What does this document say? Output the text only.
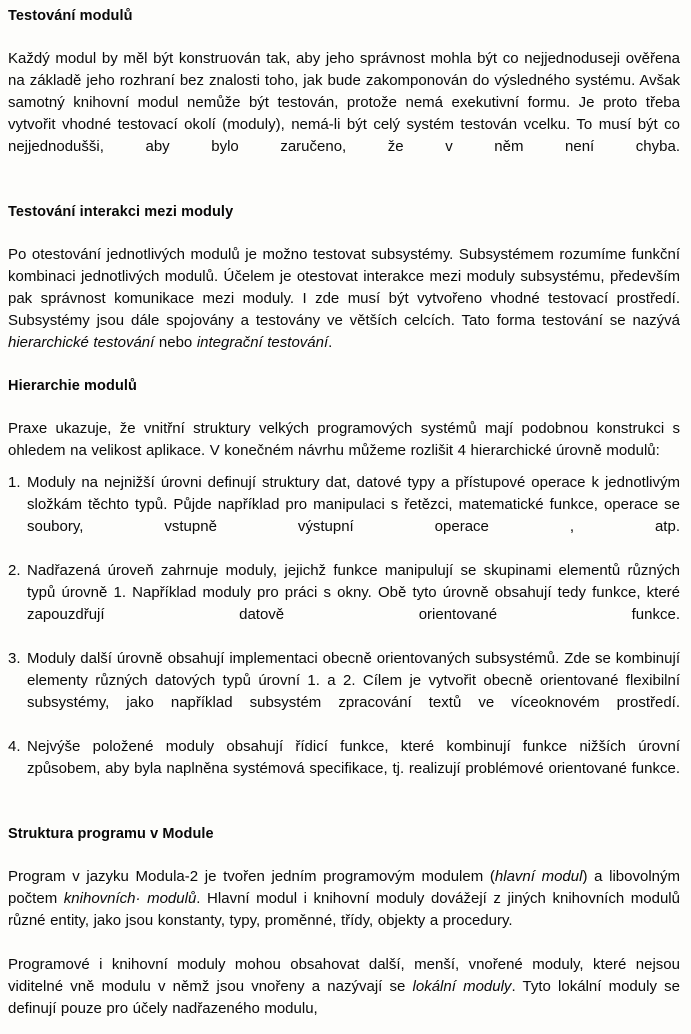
Testování modulů

Každý modul by měl být konstruován tak, aby jeho správnost mohla být co nejjednoduseji ověřena na základě jeho rozhraní bez znalosti toho, jak bude zakomponován do výsledného systému. Avšak samotný knihovní modul nemůže být testován, protože nemá exekutivní formu. Je proto třeba vytvořit vhodné testovací okolí (moduly), nemá-li být celý systém testován vcelku. To musí být co nejjednodušši, aby bylo zaručeno, že v něm není chyba.

Testování interakci mezi moduly

Po otestování jednotlivých modulů je možno testovat subsystémy. Subsystémem rozumíme funkční kombinaci jednotlivých modulů. Účelem je otestovat interakce mezi moduly subsystému, především pak správnost komunikace mezi moduly. I zde musí být vytvořeno vhodné testovací prostředí. Subsystémy jsou dále spojovány a testovány ve větších celcích. Tato forma testování se nazývá hierarchické testování nebo integrační testování.

Hierarchie modulů

Praxe ukazuje, že vnitřní struktury velkých programových systémů mají podobnou konstrukci s ohledem na velikost aplikace. V konečném návrhu můžeme rozlišit 4 hierarchické úrovně modulů:

Moduly na nejnižší úrovni definují struktury dat, datové typy a přístupové operace k jednotlivým složkám těchto typů. Půjde například pro manipulaci s řetězci, matematické funkce, operace se soubory, vstupně výstupní operace , atp.
Nadřazená úroveň zahrnuje moduly, jejichž funkce manipulují se skupinami elementů různých typů úrovně 1. Například moduly pro práci s okny. Obě tyto úrovně obsahují tedy funkce, které zapouzdřují datově orientované funkce.
Moduly další úrovně obsahují implementaci obecně orientovaných subsystémů. Zde se kombinují elementy různých datových typů úrovní 1. a 2. Cílem je vytvořit obecně orientované flexibilní subsystémy, jako například subsystém zpracování textů ve víceoknovém prostředí.
Nejvýše položené moduly obsahují řídicí funkce, které kombinují funkce nižších úrovní způsobem, aby byla naplněna systémová specifikace, tj. realizují problémové orientované funkce.
Struktura programu v Module

Program v jazyku Modula-2 je tvořen jedním programovým modulem (hlavní modul) a libovolným počtem knihovních· modulů. Hlavní modul i knihovní moduly dovážejí z jiných knihovních modulů různé entity, jako jsou konstanty, typy, proměnné, třídy, objekty a procedury.

Programové i knihovní moduly mohou obsahovat další, menší, vnořené moduly, které nejsou viditelné vně modulu v němž jsou vnořeny a nazývají se lokální moduly. Tyto lokální moduly se definují pouze pro účely nadřazeného modulu,
